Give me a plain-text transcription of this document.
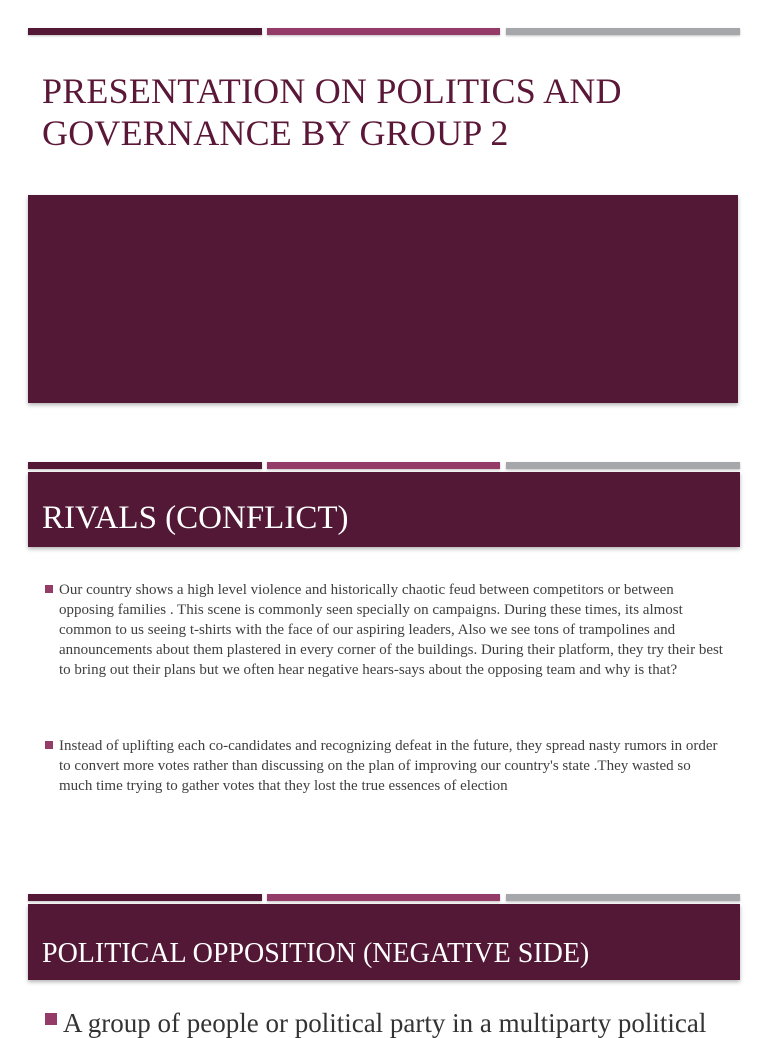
PRESENTATION ON POLITICS AND
GOVERNANCE BY GROUP 2
RIVALS (CONFLICT)
Our country shows a high level violence and historically chaotic feud between competitors or between opposing families . This scene is commonly seen specially on campaigns. During these times, its almost common to us seeing t-shirts with the face of our aspiring leaders, Also we see tons of trampolines and announcements about them plastered in every corner of the buildings. During their platform, they try their best to bring out their plans but we often hear negative hears-says about the opposing team and why is that?
Instead of uplifting each co-candidates and recognizing defeat in the future, they spread nasty rumors in order to convert more votes rather than discussing on the plan of improving our country's state .They wasted so much time trying to gather votes that they lost the true essences of election
POLITICAL OPPOSITION (NEGATIVE SIDE)
A group of people or political party in a multiparty political
